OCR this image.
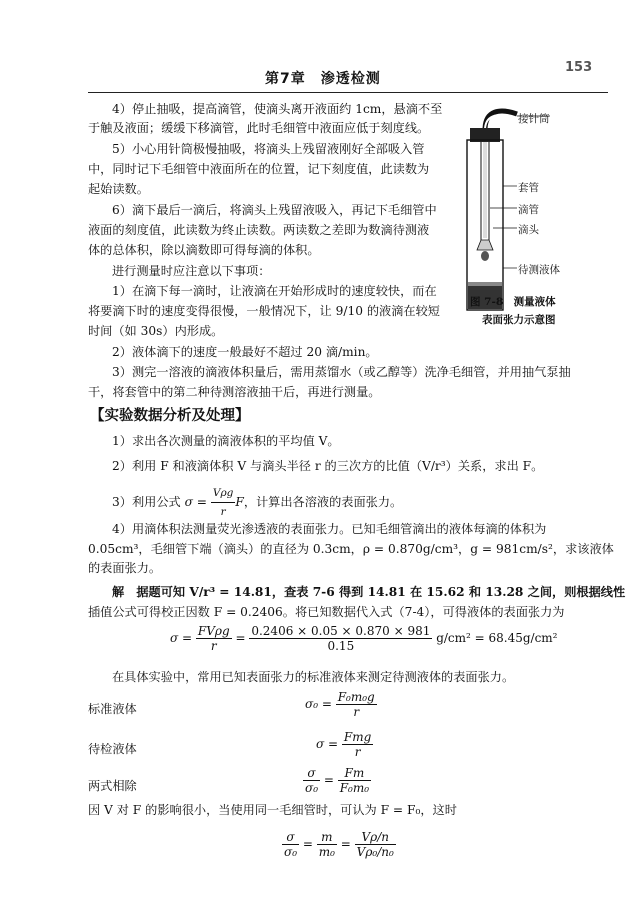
153
第7章　渗透检测
4）停止抽吸，提高滴管，使滴头离开液面约 1cm，悬滴不至
于触及液面；缓缓下移滴管，此时毛细管中液面应低于刻度线。
5）小心用针筒极慢抽吸，将滴头上残留液刚好全部吸入管
中，同时记下毛细管中液面所在的位置，记下刻度值，此读数为
起始读数。
6）滴下最后一滴后，将滴头上残留液吸入，再记下毛细管中
液面的刻度值，此读数为终止读数。两读数之差即为数滴待测液
体的总体积，除以滴数即可得每滴的体积。
进行测量时应注意以下事项：
1）在滴下每一滴时，让液滴在开始形成时的速度较快，而在
将要滴下时的速度变得很慢，一般情况下，让 9/10 的液滴在较短
时间（如 30s）内形成。
2）液体滴下的速度一般最好不超过 20 滴/min。
3）测完一溶液的滴液体积量后，需用蒸馏水（或乙醇等）洗净毛细管，并用抽气泵抽
干，将套管中的第二种待测溶液抽干后，再进行测量。
接针筒
套管
滴管
滴头
待测液体
图 7-8　测量液体
表面张力示意图
【实验数据分析及处理】
1）求出各次测量的滴液体积的平均值 V。
2）利用 F 和液滴体积 V 与滴头半径 r 的三次方的比值（V/r³）关系，求出 F。
3）利用公式 $\sigma = \frac{\text{Vρg}}{r}$ F，计算出各溶液的表面张力。
4）用滴体积法测量荧光渗透液的表面张力。已知毛细管滴出的液体每滴的体积为
0.05cm³，毛细管下端（滴头）的直径为 0.3cm，ρ = 0.870g/cm³，g = 981cm/s²，求该液体
的表面张力。
解　据题可知 V/r³ = 14.81，查表 7-6 得到 14.81 在 15.62 和 13.28 之间，则根据线性
插值公式可得校正因数 F = 0.2406。将已知数据代入式（7-4），可得液体的表面张力为
$\sigma = \frac{\text{FVρg}}{r} = \frac{0.2406 \times 0.05 \times 0.870 \times 981}{0.15} g/cm^2 = 68.45g/cm^2$
在具体实验中，常用已知表面张力的标准液体来测定待测液体的表面张力。
标准液体	$\sigma_0 = \frac{\text{F₀m₀g}}{r}$
待检液体	$\sigma = \frac{\text{Fmg}}{r}$
两式相除	$\frac{\sigma}{\text{σ₀}} = \frac{Fm}{\text{F₀m₀}}$
因 V 对 F 的影响很小，当使用同一毛细管时，可认为 F = F₀，这时
$\frac{\sigma}{\text{σ₀}} = \frac{m}{\text{m₀}} = \frac{V\rho/n}{\text{Vρ₀/n₀}}$
